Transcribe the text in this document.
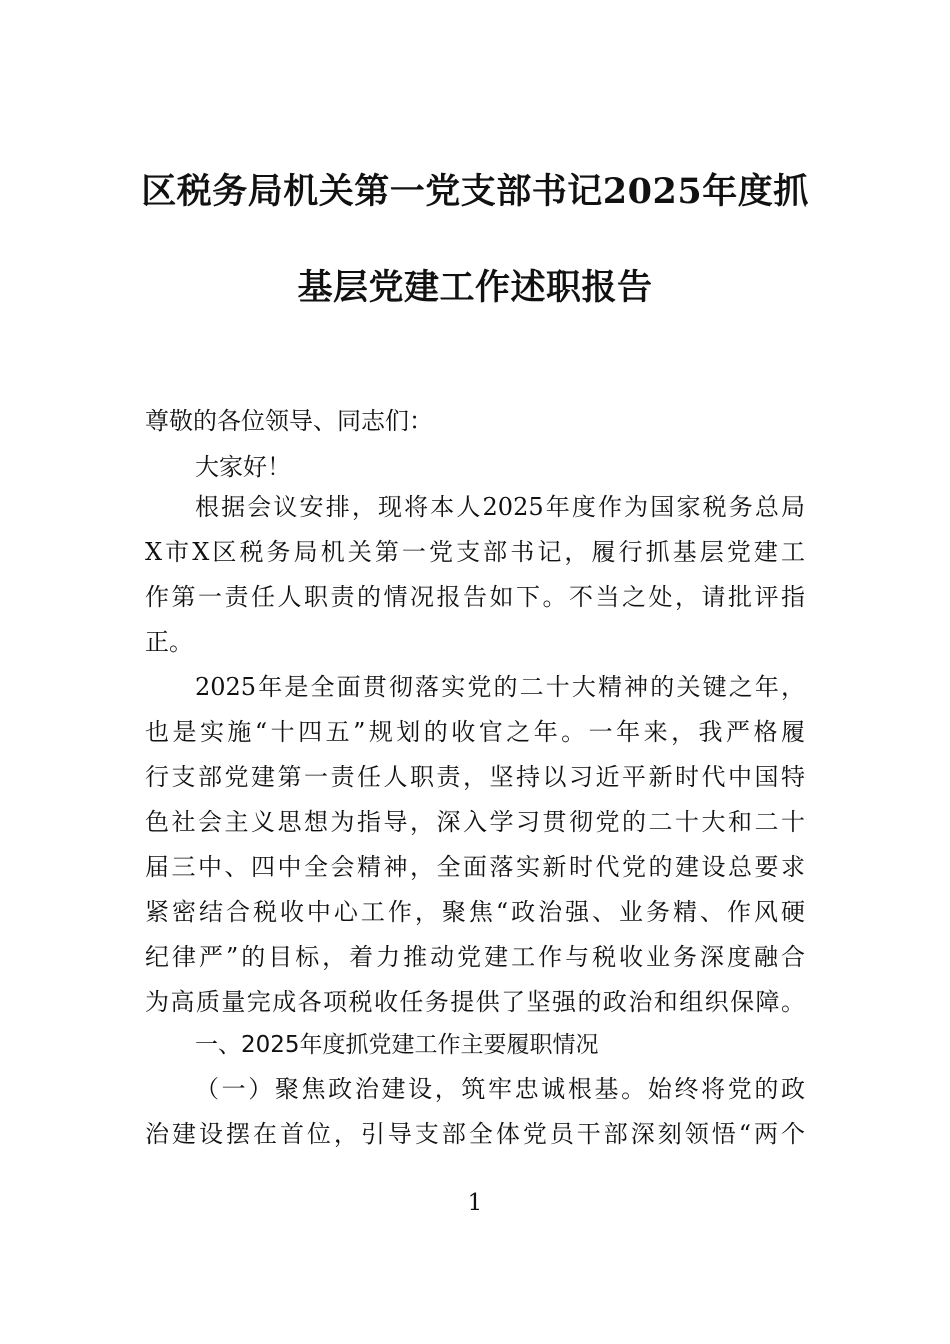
区税务局机关第一党支部书记2025年度抓
基层党建工作述职报告
尊敬的各位领导、同志们：
大家好！
根据会议安排，现将本人2025年度作为国家税务总局
X市X区税务局机关第一党支部书记，履行抓基层党建工
作第一责任人职责的情况报告如下。不当之处，请批评指
正。
2025年是全面贯彻落实党的二十大精神的关键之年，
也是实施“十四五”规划的收官之年。一年来，我严格履
行支部党建第一责任人职责，坚持以习近平新时代中国特
色社会主义思想为指导，深入学习贯彻党的二十大和二十
届三中、四中全会精神，全面落实新时代党的建设总要求
紧密结合税收中心工作，聚焦“政治强、业务精、作风硬
纪律严”的目标，着力推动党建工作与税收业务深度融合
为高质量完成各项税收任务提供了坚强的政治和组织保障。
一、2025年度抓党建工作主要履职情况
（一）聚焦政治建设，筑牢忠诚根基。始终将党的政
治建设摆在首位，引导支部全体党员干部深刻领悟“两个
1
